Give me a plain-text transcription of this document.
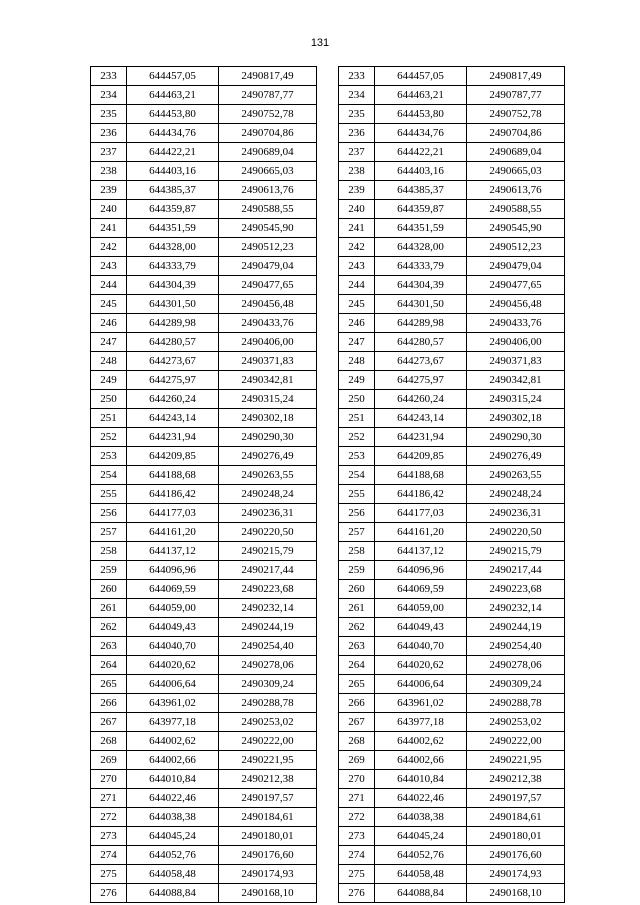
131
233	644457,05	2490817,49
234	644463,21	2490787,77
235	644453,80	2490752,78
236	644434,76	2490704,86
237	644422,21	2490689,04
238	644403,16	2490665,03
239	644385,37	2490613,76
240	644359,87	2490588,55
241	644351,59	2490545,90
242	644328,00	2490512,23
243	644333,79	2490479,04
244	644304,39	2490477,65
245	644301,50	2490456,48
246	644289,98	2490433,76
247	644280,57	2490406,00
248	644273,67	2490371,83
249	644275,97	2490342,81
250	644260,24	2490315,24
251	644243,14	2490302,18
252	644231,94	2490290,30
253	644209,85	2490276,49
254	644188,68	2490263,55
255	644186,42	2490248,24
256	644177,03	2490236,31
257	644161,20	2490220,50
258	644137,12	2490215,79
259	644096,96	2490217,44
260	644069,59	2490223,68
261	644059,00	2490232,14
262	644049,43	2490244,19
263	644040,70	2490254,40
264	644020,62	2490278,06
265	644006,64	2490309,24
266	643961,02	2490288,78
267	643977,18	2490253,02
268	644002,62	2490222,00
269	644002,66	2490221,95
270	644010,84	2490212,38
271	644022,46	2490197,57
272	644038,38	2490184,61
273	644045,24	2490180,01
274	644052,76	2490176,60
275	644058,48	2490174,93
276	644088,84	2490168,10
233	644457,05	2490817,49
234	644463,21	2490787,77
235	644453,80	2490752,78
236	644434,76	2490704,86
237	644422,21	2490689,04
238	644403,16	2490665,03
239	644385,37	2490613,76
240	644359,87	2490588,55
241	644351,59	2490545,90
242	644328,00	2490512,23
243	644333,79	2490479,04
244	644304,39	2490477,65
245	644301,50	2490456,48
246	644289,98	2490433,76
247	644280,57	2490406,00
248	644273,67	2490371,83
249	644275,97	2490342,81
250	644260,24	2490315,24
251	644243,14	2490302,18
252	644231,94	2490290,30
253	644209,85	2490276,49
254	644188,68	2490263,55
255	644186,42	2490248,24
256	644177,03	2490236,31
257	644161,20	2490220,50
258	644137,12	2490215,79
259	644096,96	2490217,44
260	644069,59	2490223,68
261	644059,00	2490232,14
262	644049,43	2490244,19
263	644040,70	2490254,40
264	644020,62	2490278,06
265	644006,64	2490309,24
266	643961,02	2490288,78
267	643977,18	2490253,02
268	644002,62	2490222,00
269	644002,66	2490221,95
270	644010,84	2490212,38
271	644022,46	2490197,57
272	644038,38	2490184,61
273	644045,24	2490180,01
274	644052,76	2490176,60
275	644058,48	2490174,93
276	644088,84	2490168,10
